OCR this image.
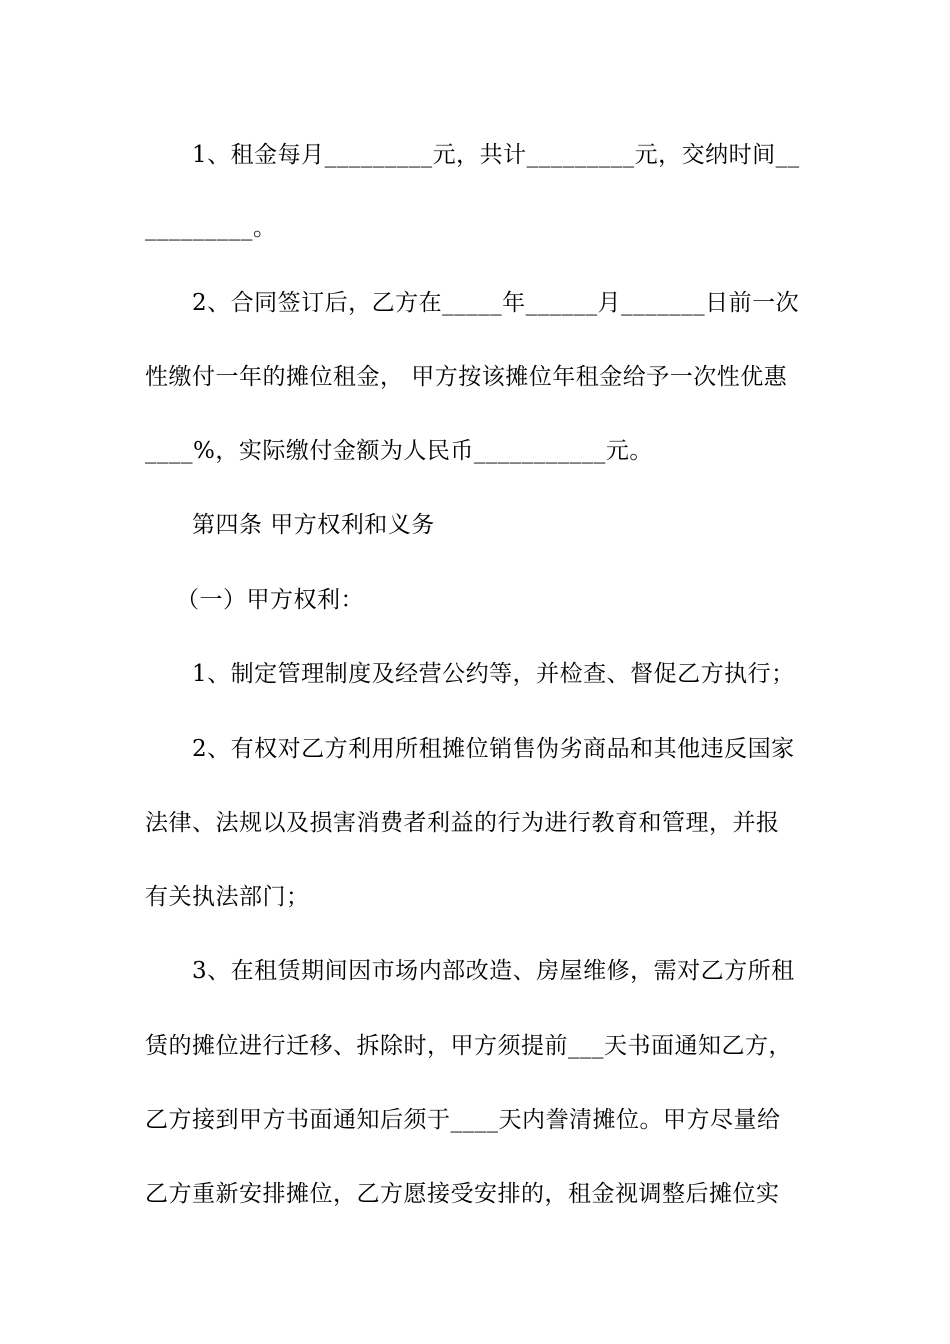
1、租金每月_________元，共计_________元，交纳时间__
_________。
2、合同签订后，乙方在_____年______月_______日前一次
性缴付一年的摊位租金， 甲方按该摊位年租金给予一次性优惠
____%，实际缴付金额为人民币___________元。
第四条 甲方权利和义务
（一）甲方权利：
1、制定管理制度及经营公约等，并检查、督促乙方执行；
2、有权对乙方利用所租摊位销售伪劣商品和其他违反国家
法律、法规以及损害消费者利益的行为进行教育和管理，并报
有关执法部门；
3、在租赁期间因市场内部改造、房屋维修，需对乙方所租
赁的摊位进行迁移、拆除时，甲方须提前___天书面通知乙方，
乙方接到甲方书面通知后须于____天内誊清摊位。甲方尽量给
乙方重新安排摊位，乙方愿接受安排的，租金视调整后摊位实
